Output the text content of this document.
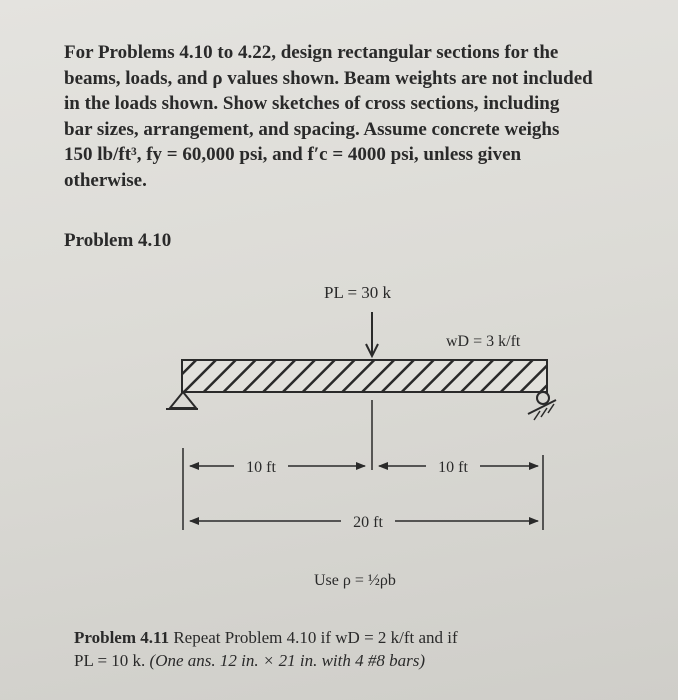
For Problems 4.10 to 4.22, design rectangular sections for the
beams, loads, and ρ values shown. Beam weights are not included
in the loads shown. Show sketches of cross sections, including
bar sizes, arrangement, and spacing. Assume concrete weighs
150 lb/ft³, fy = 60,000 psi, and f′c = 4000 psi, unless given
otherwise.
Problem 4.10
PL = 30 k
wD = 3 k/ft
10 ft	10 ft
20 ft
Use ρ = ½ρb
Problem 4.11 Repeat Problem 4.10 if wD = 2 k/ft and if
PL = 10 k. (One ans. 12 in. × 21 in. with 4 #8 bars)
